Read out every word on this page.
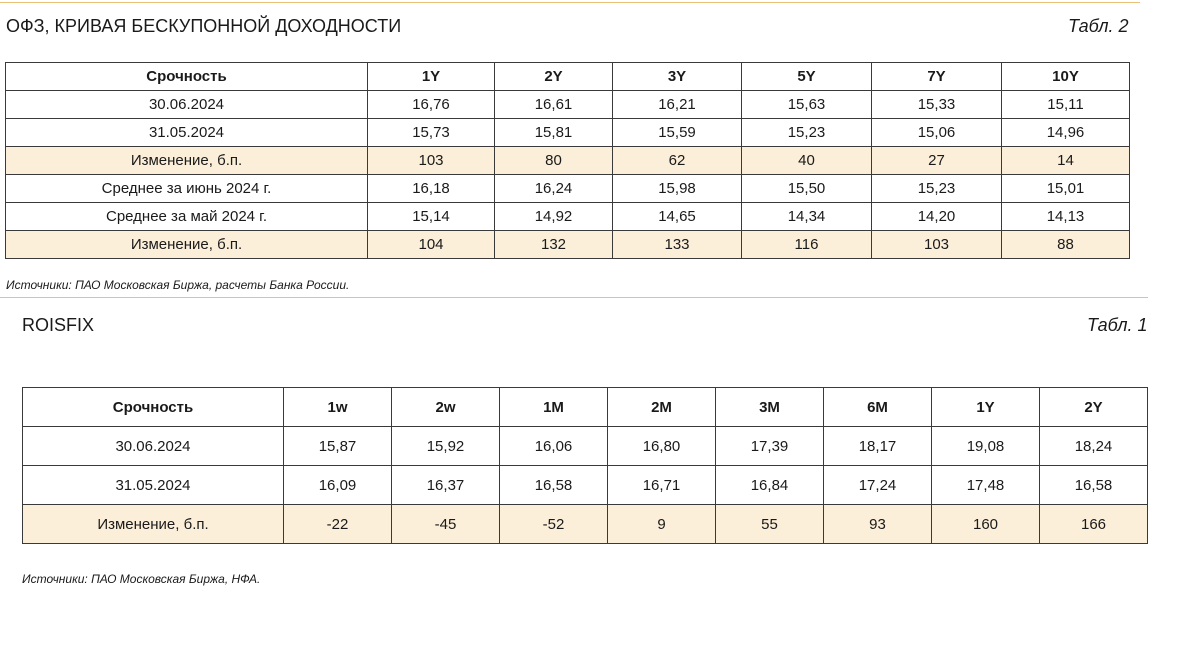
ОФЗ, КРИВАЯ БЕСКУПОННОЙ ДОХОДНОСТИ	Табл. 2
Срочность	1Y	2Y	3Y	5Y	7Y	10Y
30.06.2024	16,76	16,61	16,21	15,63	15,33	15,11
31.05.2024	15,73	15,81	15,59	15,23	15,06	14,96
Изменение, б.п.	103	80	62	40	27	14
Среднее за июнь 2024 г.	16,18	16,24	15,98	15,50	15,23	15,01
Среднее за май 2024 г.	15,14	14,92	14,65	14,34	14,20	14,13
Изменение, б.п.	104	132	133	116	103	88
Источники: ПАО Московская Биржа, расчеты Банка России.
ROISFIX	Табл. 1
Срочность	1w	2w	1M	2M	3M	6M	1Y	2Y
30.06.2024	15,87	15,92	16,06	16,80	17,39	18,17	19,08	18,24
31.05.2024	16,09	16,37	16,58	16,71	16,84	17,24	17,48	16,58
Изменение, б.п.	-22	-45	-52	9	55	93	160	166
Источники: ПАО Московская Биржа, НФА.
